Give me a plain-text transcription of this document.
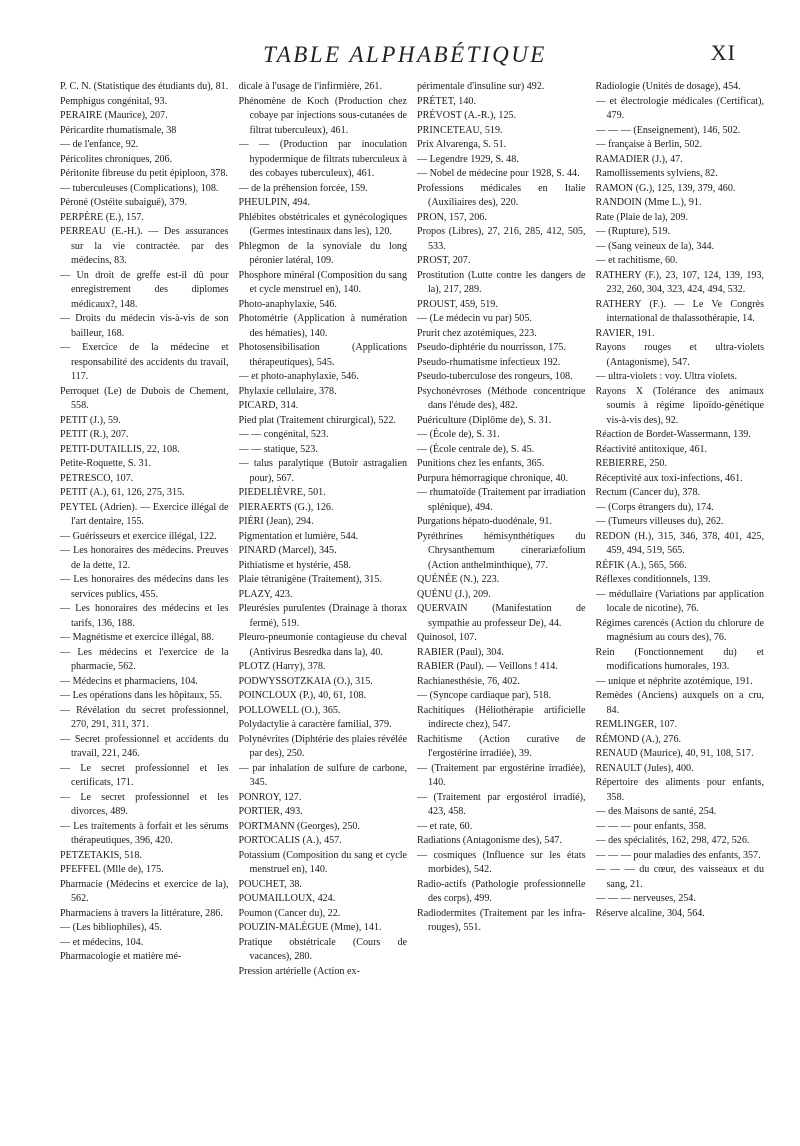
TABLE ALPHABÉTIQUE	XI

P. C. N. (Statistique des étudiants du), 81.

Pemphigus congénital, 93.

PERAIRE (Maurice), 207.

Péricardite rhumatismale, 38

— de l'enfance, 92.

Péricolites chroniques, 206.

Péritonite fibreuse du petit épiploon, 378.

— tuberculeuses (Complications), 108.

Péroné (Ostéite subaiguë), 379.

PERPÈRE (E.), 157.

PERREAU (E.-H.). — Des assurances sur la vie contractée. par des médecins, 83.

— Un droit de greffe est-il dû pour enregistrement des diplomes médicaux?, 148.

— Droits du médecin vis-à-vis de son bailleur, 168.

— Exercice de la médecine et responsabilité des accidents du travail, 117.

Perroquet (Le) de Dubois de Chement, 558.

PETIT (J.), 59.

PETIT (R.), 207.

PETIT-DUTAILLIS, 22, 108.

Petite-Roquette, S. 31.

PETRESCO, 107.

PETIT (A.), 61, 126, 275, 315.

PEYTEL (Adrien). — Exercice illégal de l'art dentaire, 155.

— Guérisseurs et exercice illégal, 122.

— Les honoraires des médecins. Preuves de la dette, 12.

— Les honoraires des médecins dans les services publics, 455.

— Les honoraires des médecins et les tarifs, 136, 188.

— Magnétisme et exercice illégal, 88.

— Les médecins et l'exercice de la pharmacie, 562.

— Médecins et pharmaciens, 104.

— Les opérations dans les hôpitaux, 55.

— Révélation du secret professionnel, 270, 291, 311, 371.

— Secret professionnel et accidents du travail, 221, 246.

— Le secret professionnel et les certificats, 171.

— Le secret professionnel et les divorces, 489.

— Les traitements à forfait et les sérums thérapeutiques, 396, 420.

PETZETAKIS, 518.

PFEFFEL (Mlle de), 175.

Pharmacie (Médecins et exercice de la), 562.

Pharmaciens à travers la littérature, 286.

— (Les bibliophiles), 45.

— et médecins, 104.

Pharmacologie et matière mé-

dicale à l'usage de l'infirmière, 261.

Phénomène de Koch (Production chez cobaye par injections sous-cutanées de filtrat tuberculeux), 461.

— — (Production par inoculation hypodermique de filtrats tuberculeux à des cobayes tuberculeux), 461.

— de la préhension forcée, 159.

PHEULPIN, 494.

Phlébites obstétricales et gynécologiques (Germes intestinaux dans les), 120.

Phlegmon de la synoviale du long péronier latéral, 109.

Phosphore minéral (Composition du sang et cycle menstruel en), 140.

Photo-anaphylaxie, 546.

Photométrie (Application à numération des hématies), 140.

Photosensibilisation (Applications thérapeutiques), 545.

— et photo-anaphylaxie, 546.

Phylaxie cellulaire, 378.

PICARD, 314.

Pied plat (Traitement chirurgical), 522.

— — congénital, 523.

— — statique, 523.

— talus paralytique (Butoir astragalien pour), 567.

PIEDELIÈVRE, 501.

PIERAERTS (G.), 126.

PIÉRI (Jean), 294.

Pigmentation et lumière, 544.

PINARD (Marcel), 345.

Pithiatisme et hystérie, 458.

Plaie tétranigène (Traitement), 315.

PLAZY, 423.

Pleurésies purulentes (Drainage à thorax fermé), 519.

Pleuro-pneumonie contagieuse du cheval (Antivirus Besredka dans la), 40.

PLOTZ (Harry), 378.

PODWYSSOTZKAIA (O.), 315.

POINCLOUX (P.), 40, 61, 108.

POLLOWELL (O.), 365.

Polydactylie à caractère familial, 379.

Polynévrites (Diphtérie des plaies révélée par des), 250.

— par inhalation de sulfure de carbone, 345.

PONROY, 127.

PORTIER, 493.

PORTMANN (Georges), 250.

PORTOCALIS (A.), 457.

Potassium (Composition du sang et cycle menstruel en), 140.

POUCHET, 38.

POUMAILLOUX, 424.

Poumon (Cancer du), 22.

POUZIN-MALÈGUE (Mme), 141.

Pratique obstétricale (Cours de vacances), 280.

Pression artérielle (Action ex-

périmentale d'insuline sur) 492.

PRÉTET, 140.

PRÉVOST (A.-R.), 125.

PRINCETEAU, 519.

Prix Alvarenga, S. 51.

— Legendre 1929, S. 48.

— Nobel de médecine pour 1928, S. 44.

Professions médicales en Italie (Auxiliaires des), 220.

PRON, 157, 206.

Propos (Libres), 27, 216, 285, 412, 505, 533.

PROST, 207.

Prostitution (Lutte contre les dangers de la), 217, 289.

PROUST, 459, 519.

— (Le médecin vu par) 505.

Prurit chez azotémiques, 223.

Pseudo-diphtérie du nourrisson, 175.

Pseudo-rhumatisme infectieux 192.

Pseudo-tuberculose des rongeurs, 108.

Psychonévroses (Méthode concentrique dans l'étude des), 482.

Puériculture (Diplôme de), S. 31.

— (École de), S. 31.

— (École centrale de), S. 45.

Punitions chez les enfants, 365.

Purpura hémorragique chronique, 40.

— rhumatoïde (Traitement par irradiation splénique), 494.

Purgations hépato-duodénale, 91.

Pyréthrines hémisynthétiques du Chrysanthemum cinerariæfolium (Action anthelminthique), 77.

QUÉNÉE (N.), 223.

QUÉNU (J.), 209.

QUERVAIN (Manifestation de sympathie au professeur De), 44.

Quinosol, 107.

RABIER (Paul), 304.

RABIER (Paul). — Veillons ! 414.

Rachianesthésie, 76, 402.

— (Syncope cardiaque par), 518.

Rachitiques (Héliothérapie artificielle indirecte chez), 547.

Rachitisme (Action curative de l'ergostérine irradiée), 39.

— (Traitement par ergostérine irradiée), 140.

— (Traitement par ergostérol irradié), 423, 458.

— et rate, 60.

Radiations (Antagonisme des), 547.

— cosmiques (Influence sur les états morbides), 542.

Radio-actifs (Pathologie professionnelle des corps), 499.

Radiodermites (Traitement par les infra-rouges), 551.

Radiologie (Unités de dosage), 454.

— et électrologie médicales (Certificat), 479.

— — — (Enseignement), 146, 502.

— française à Berlin, 502.

RAMADIER (J.), 47.

Ramollissements sylviens, 82.

RAMON (G.), 125, 139, 379, 460.

RANDOIN (Mme L.), 91.

Rate (Plaie de la), 209.

— (Rupture), 519.

— (Sang veineux de la), 344.

— et rachitisme, 60.

RATHERY (F.), 23, 107, 124, 139, 193, 232, 260, 304, 323, 424, 494, 532.

RATHERY (F.). — Le Ve Congrès international de thalassothérapie, 14.

RAVIER, 191.

Rayons rouges et ultra-violets (Antagonisme), 547.

— ultra-violets : voy. Ultra violets.

Rayons X (Tolérance des animaux soumis à régime lipoïdo-génétique vis-à-vis des), 92.

Réaction de Bordet-Wassermann, 139.

Réactivité antitoxique, 461.

REBIERRE, 250.

Réceptivité aux toxi-infections, 461.

Rectum (Cancer du), 378.

— (Corps étrangers du), 174.

— (Tumeurs villeuses du), 262.

REDON (H.), 315, 346, 378, 401, 425, 459, 494, 519, 565.

RÉFIK (A.), 565, 566.

Réflexes conditionnels, 139.

— médullaire (Variations par application locale de nicotine), 76.

Régimes carencés (Action du chlorure de magnésium au cours des), 76.

Rein (Fonctionnement du) et modifications humorales, 193.

— unique et néphrite azotémique, 191.

Remèdes (Anciens) auxquels on a cru, 84.

REMLINGER, 107.

RÉMOND (A.), 276.

RENAUD (Maurice), 40, 91, 108, 517.

RENAULT (Jules), 400.

Répertoire des aliments pour enfants, 358.

— des Maisons de santé, 254.

— — — pour enfants, 358.

— des spécialités, 162, 298, 472, 526.

— — — pour maladies des enfants, 357.

— — — du cœur, des vaisseaux et du sang, 21.

— — — nerveuses, 254.

Réserve alcaline, 304, 564.
